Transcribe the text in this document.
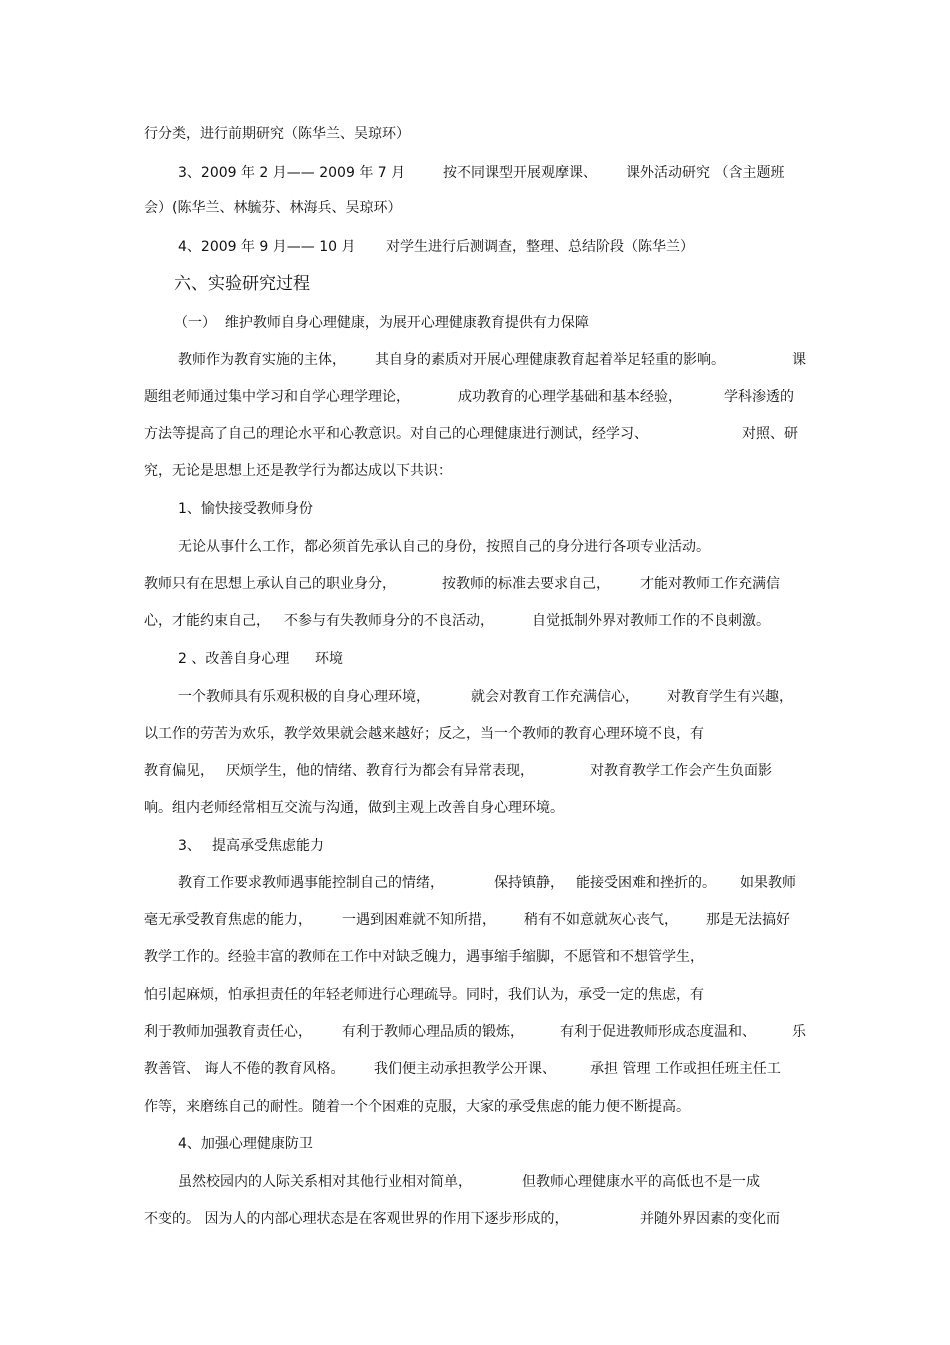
行分类，进行前期研究（陈华兰、吴琼环）

3、2009 年 2 月—— 2009 年 7 月

	按不同课型开展观摩课、

课外活动研究 （含主题班

会）(陈华兰、林毓芬、林海兵、吴琼环）

4、2009 年 9 月—— 10 月

对学生进行后测调查，整理、总结阶段（陈华兰）

六、实验研究过程

（一）  维护教师自身心理健康，为展开心理健康教育提供有力保障

教师作为教育实施的主体，

其自身的素质对开展心理健康教育起着举足轻重的影响。

	课

题组老师通过集中学习和自学心理学理论，

	成功教育的心理学基础和基本经验，

	学科渗透的

方法等提高了自己的理论水平和心教意识。对自己的心理健康进行测试，经学习、

	对照、研

究，无论是思想上还是教学行为都达成以下共识：

1、愉快接受教师身份

无论从事什么工作，都必须首先承认自己的身份，按照自己的身分进行各项专业活动。

教师只有在思想上承认自己的职业身分，

	按教师的标准去要求自己，

才能对教师工作充满信

心，才能约束自己，

不参与有失教师身分的不良活动，

	自觉抵制外界对教师工作的不良刺激。

2 、改善自身心理

环境

一个教师具有乐观积极的自身心理环境，

	就会对教育工作充满信心，

对教育学生有兴趣，

以工作的劳苦为欢乐，教学效果就会越来越好；反之，当一个教师的教育心理环境不良，有

教育偏见，

厌烦学生，他的情绪、教育行为都会有异常表现，

	对教育教学工作会产生负面影

响。组内老师经常相互交流与沟通，做到主观上改善自身心理环境。

3、

提高承受焦虑能力

教育工作要求教师遇事能控制自己的情绪，

	保持镇静，

能接受困难和挫折的。

如果教师

毫无承受教育焦虑的能力，

一遇到困难就不知所措，

稍有不如意就灰心丧气，

那是无法搞好

教学工作的。经验丰富的教师在工作中对缺乏魄力，遇事缩手缩脚，不愿管和不想管学生，

怕引起麻烦，怕承担责任的年轻老师进行心理疏导。同时，我们认为，承受一定的焦虑，有

利于教师加强教育责任心，

有利于教师心理品质的锻炼，

	有利于促进教师形成态度温和、

	乐

教善管、 诲人不倦的教育风格。

我们便主动承担教学公开课、

承担 管理 工作或担任班主任工

作等，来磨练自己的耐性。随着一个个困难的克服，大家的承受焦虑的能力便不断提高。

4、加强心理健康防卫

虽然校园内的人际关系相对其他行业相对简单，

	但教师心理健康水平的高低也不是一成

不变的。 因为人的内部心理状态是在客观世界的作用下逐步形成的，

	并随外界因素的变化而
